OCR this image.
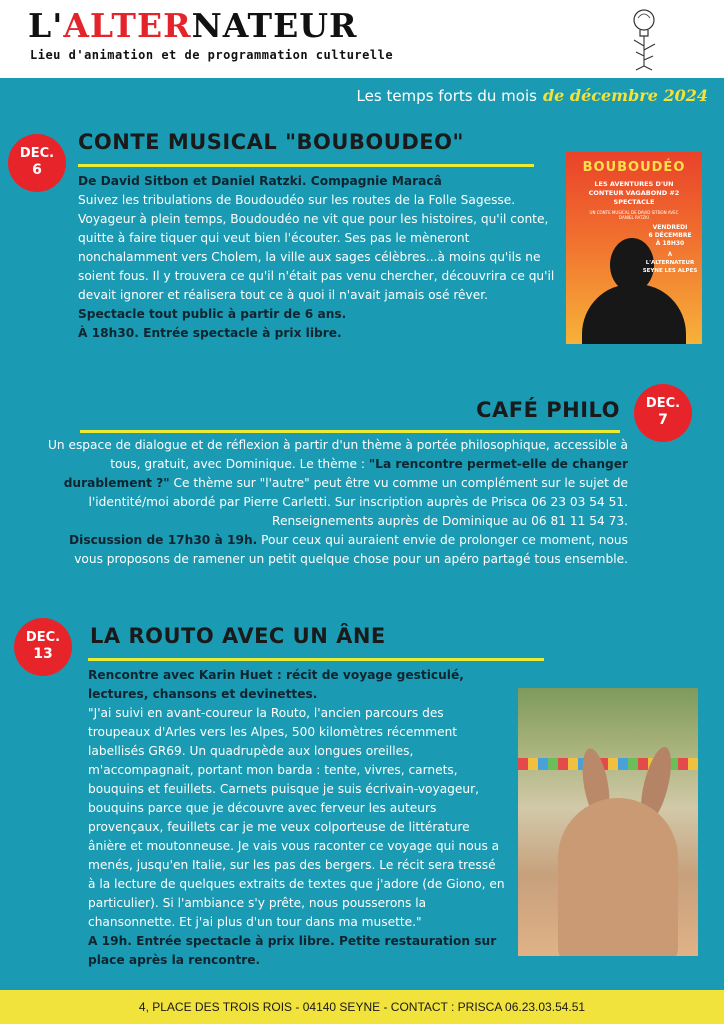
L'ALTERNATEUR
Lieu d'animation et de programmation culturelle
Les temps forts du mois de décembre 2024
DEC.
6
CONTE MUSICAL "BOUBOUDEO"

De David Sitbon et Daniel Ratzki. Compagnie Maracâ

Suivez les tribulations de Boudoudéo sur les routes de la Folle Sagesse. Voyageur à plein temps, Boudoudéo ne vit que pour les histoires, qu'il conte, quitte à faire tiquer qui veut bien l'écouter. Ses pas le mèneront nonchalamment vers Cholem, la ville aux sages célèbres...à moins qu'ils ne soient fous. Il y trouvera ce qu'il n'était pas venu chercher, découvrira ce qu'il devait ignorer et réalisera tout ce à quoi il n'avait jamais osé rêver.

Spectacle tout public à partir de 6 ans.

À 18h30. Entrée spectacle à prix libre.

BOUBOUDÉO
LES AVENTURES D'UN
CONTEUR VAGABOND #2
SPECTACLE
UN CONTE MUSICAL DE DAVID SITBON AVEC DANIEL RATZKI
VENDREDI
6 DÉCEMBRE
À 18H30
À
L'ALTERNATEUR
SEYNE LES ALPES
CAFÉ PHILO	DEC.
7

Un espace de dialogue et de réflexion à partir d'un thème à portée philosophique, accessible à tous, gratuit, avec Dominique. Le thème : "La rencontre permet-elle de changer durablement ?" Ce thème sur "l'autre" peut être vu comme un complément sur le sujet de l'identité/moi abordé par Pierre Carletti. Sur inscription auprès de Prisca 06 23 03 54 51.

Renseignements auprès de Dominique au 06 81 11 54 73.

Discussion de 17h30 à 19h. Pour ceux qui auraient envie de prolonger ce moment, nous vous proposons de ramener un petit quelque chose pour un apéro partagé tous ensemble.

DEC.
13
LA ROUTO AVEC UN ÂNE

Rencontre avec Karin Huet : récit de voyage gesticulé, lectures, chansons et devinettes.

"J'ai suivi en avant-coureur la Routo, l'ancien parcours des troupeaux d'Arles vers les Alpes, 500 kilomètres récemment labellisés GR69. Un quadrupède aux longues oreilles, m'accompagnait, portant mon barda : tente, vivres, carnets, bouquins et feuillets. Carnets puisque je suis écrivain-voyageur, bouquins parce que je découvre avec ferveur les auteurs provençaux, feuillets car je me veux colporteuse de littérature ânière et moutonneuse. Je vais vous raconter ce voyage qui nous a menés, jusqu'en Italie, sur les pas des bergers. Le récit sera tressé à la lecture de quelques extraits de textes que j'adore (de Giono, en particulier). Si l'ambiance s'y prête, nous pousserons la chansonnette. Et j'ai plus d'un tour dans ma musette."

A 19h. Entrée spectacle à prix libre. Petite restauration sur place après la rencontre.

4, PLACE DES TROIS ROIS - 04140 SEYNE - CONTACT : PRISCA 06.23.03.54.51
